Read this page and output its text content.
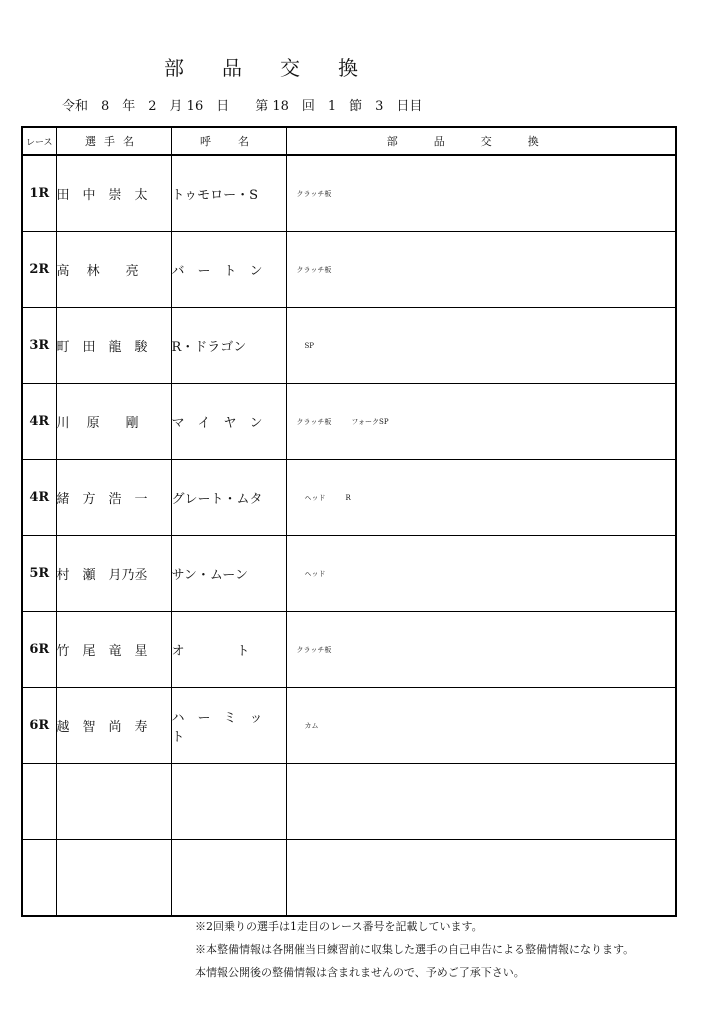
部品交換
令和　8　年　2　月 16　日　　第 18　回　1　節　3　日目
レース	選手名	呼　名	部品交換
1R	田　中　崇　太	トゥモロー・S	クラッチ板
2R	高　 林　　亮	バ　ー　ト　ン	クラッチ板
3R	町　田　龍　駿	R・ドラゴン	SP
4R	川　 原　　剛	マ　イ　ヤ　ン	クラッチ板 フォークSP
4R	緒　方　浩　一	グレート・ムタ	ヘッド R
5R	村　瀬　月乃丞	サン・ムーン	ヘッド
6R	竹　尾　竜　星	オ　　　　ト	クラッチ板
6R	越　智　尚　寿	ハ　ー　ミ　ッ　ト	カム

※2回乗りの選手は1走目のレース番号を記載しています。
※本整備情報は各開催当日練習前に収集した選手の自己申告による整備情報になります。
本情報公開後の整備情報は含まれませんので、予めご了承下さい。
